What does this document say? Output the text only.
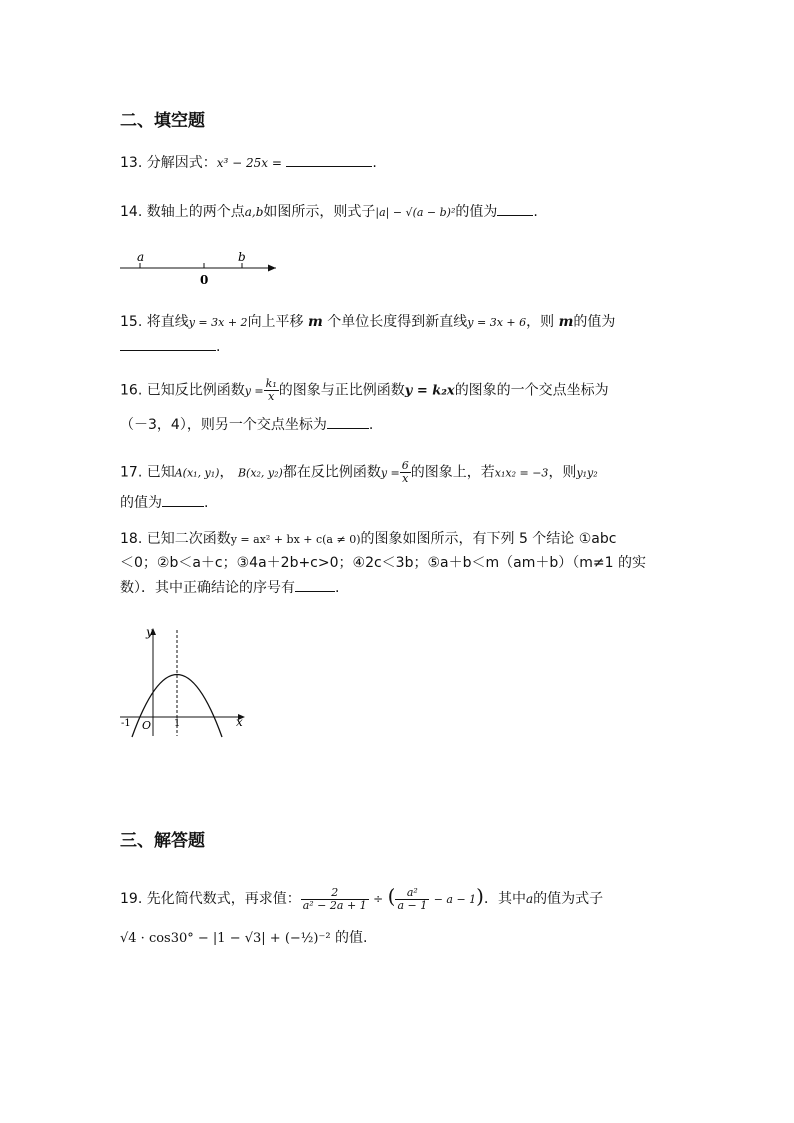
二、填空题
13. 分解因式：x³ − 25x =	.
14. 数轴上的两个点a,b如图所示，则式子|a| − √(a − b)²的值为	.
a
0
b
15. 将直线y = 3x + 2向上平移 m 个单位长度得到新直线y = 3x + 6，则 m的值为
.
16. 已知反比例函数$y = \frac{\text{k₁}}{x}$ 的图象与正比例函数y = k₂x的图象的一个交点坐标为
（－3，4），则另一个交点坐标为	.
17. 已知A(x₁, y₁)， B(x₂, y₂)都在反比例函数$y = \frac{6}{x}$ 的图象上，若x₁x₂ = −3，则y₁y₂
的值为	.
18. 已知二次函数y = ax² + bx + c(a ≠ 0)的图象如图所示，有下列 5 个结论 ①abc
＜0；②b＜a＋c；③4a＋2b+c>0；④2c＜3b；⑤a＋b＜m（am＋b）（m≠1 的实
数）．其中正确结论的序号有	.
y
x
O
-1	1
三、解答题
19. 先化简代数式，再求值： $\frac{2}{\text{a² − 2a + 1}}$ ÷ ( $\frac{\text{a²}}{a - 1} - a - 1$)．其中a的值为式子
√4 · cos30° − |1 − √3| + (−½)⁻² 的值.
